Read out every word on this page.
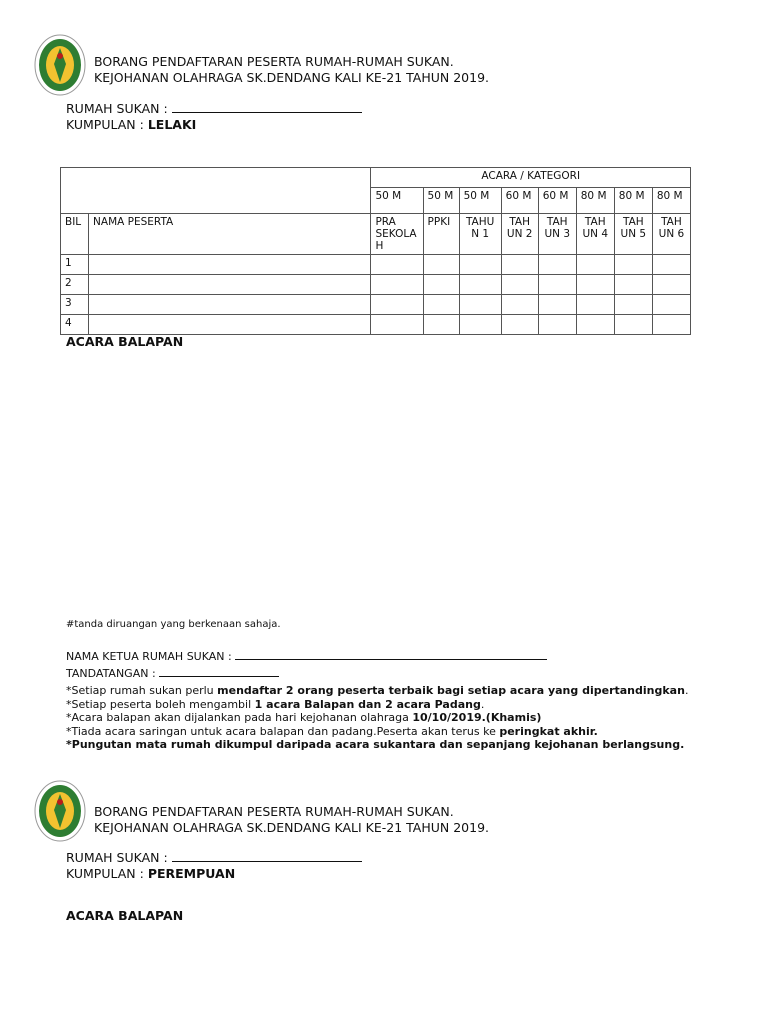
BORANG PENDAFTARAN PESERTA RUMAH-RUMAH SUKAN.
KEJOHANAN OLAHRAGA SK.DENDANG KALI KE-21 TAHUN 2019.
RUMAH SUKAN :
KUMPULAN : LELAKI
		ACARA / KATEGORI							
		50 M	50 M	50 M	60 M	60 M	80 M	80 M	80 M
BIL	NAMA PESERTA	PRA SEKOLA H	PPKI	TAHU N 1	TAH UN 2	TAH UN 3	TAH UN 4	TAH UN 5	TAH UN 6
1									
2									
3									
4									
ACARA BALAPAN
#tanda diruangan yang berkenaan sahaja.
NAMA KETUA RUMAH SUKAN :
TANDATANGAN :
*Setiap rumah sukan perlu mendaftar 2 orang peserta terbaik bagi setiap acara yang dipertandingkan.
*Setiap peserta boleh mengambil 1 acara Balapan dan 2 acara Padang.
*Acara balapan akan dijalankan pada hari kejohanan olahraga 10/10/2019.(Khamis)
*Tiada acara saringan untuk acara balapan dan padang.Peserta akan terus ke peringkat akhir.
*Pungutan mata rumah dikumpul daripada acara sukantara dan sepanjang kejohanan berlangsung.
BORANG PENDAFTARAN PESERTA RUMAH-RUMAH SUKAN.
KEJOHANAN OLAHRAGA SK.DENDANG KALI KE-21 TAHUN 2019.
RUMAH SUKAN :
KUMPULAN : PEREMPUAN
ACARA BALAPAN
